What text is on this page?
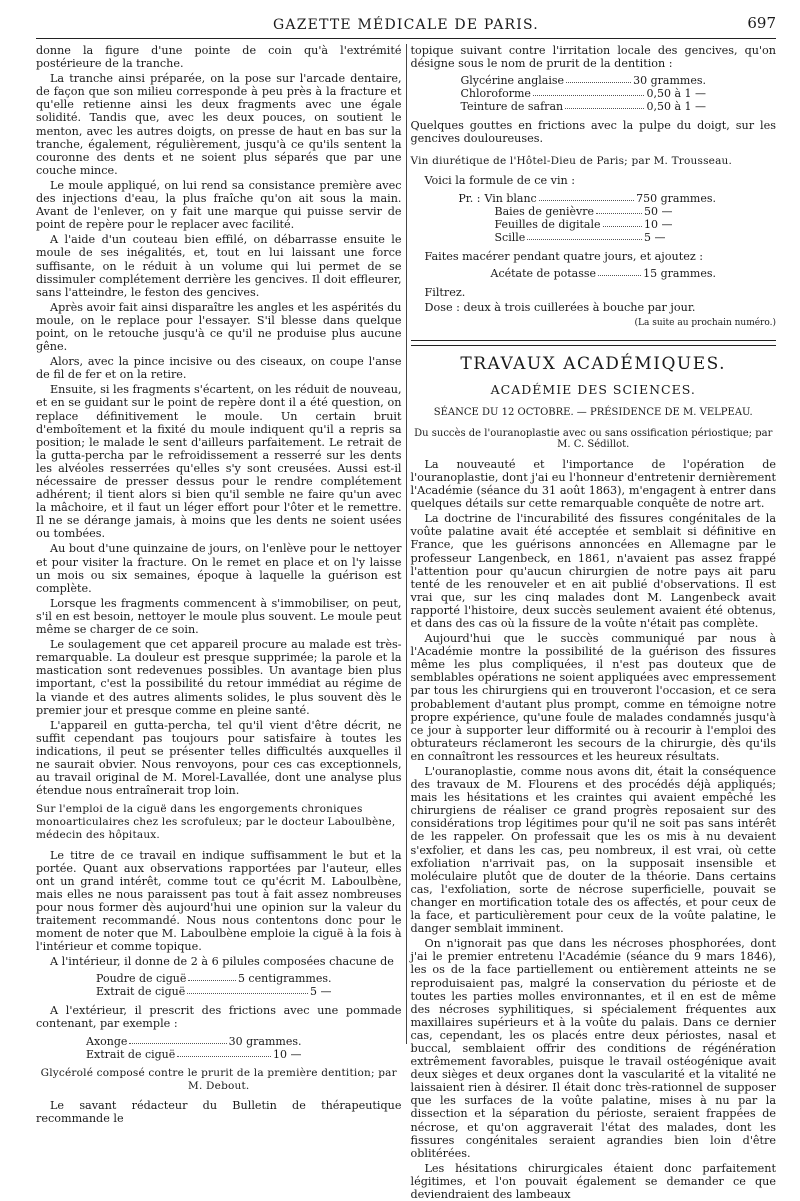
GAZETTE MÉDICALE DE PARIS.	697

donne la figure d'une pointe de coin qu'à l'extrémité postérieure de la tranche.

La tranche ainsi préparée, on la pose sur l'arcade dentaire, de façon que son milieu corresponde à peu près à la fracture et qu'elle retienne ainsi les deux fragments avec une égale solidité. Tandis que, avec les deux pouces, on soutient le menton, avec les autres doigts, on presse de haut en bas sur la tranche, également, régulièrement, jusqu'à ce qu'ils sentent la couronne des dents et ne soient plus séparés que par une couche mince.

Le moule appliqué, on lui rend sa consistance première avec des injections d'eau, la plus fraîche qu'on ait sous la main. Avant de l'enlever, on y fait une marque qui puisse servir de point de repère pour le replacer avec facilité.

A l'aide d'un couteau bien effilé, on débarrasse ensuite le moule de ses inégalités, et, tout en lui laissant une force suffisante, on le réduit à un volume qui lui permet de se dissimuler complétement derrière les gencives. Il doit effleurer, sans l'atteindre, le feston des gencives.

Après avoir fait ainsi disparaître les angles et les aspérités du moule, on le replace pour l'essayer. S'il blesse dans quelque point, on le retouche jusqu'à ce qu'il ne produise plus aucune gêne.

Alors, avec la pince incisive ou des ciseaux, on coupe l'anse de fil de fer et on la retire.

Ensuite, si les fragments s'écartent, on les réduit de nouveau, et en se guidant sur le point de repère dont il a été question, on replace définitivement le moule. Un certain bruit d'emboîtement et la fixité du moule indiquent qu'il a repris sa position; le malade le sent d'ailleurs parfaitement. Le retrait de la gutta-percha par le refroidissement a resserré sur les dents les alvéoles resserrées qu'elles s'y sont creusées. Aussi est-il nécessaire de presser dessus pour le rendre complétement adhérent; il tient alors si bien qu'il semble ne faire qu'un avec la mâchoire, et il faut un léger effort pour l'ôter et le remettre. Il ne se dérange jamais, à moins que les dents ne soient usées ou tombées.

Au bout d'une quinzaine de jours, on l'enlève pour le nettoyer et pour visiter la fracture. On le remet en place et on l'y laisse un mois ou six semaines, époque à laquelle la guérison est complète.

Lorsque les fragments commencent à s'immobiliser, on peut, s'il en est besoin, nettoyer le moule plus souvent. Le moule peut même se charger de ce soin.

Le soulagement que cet appareil procure au malade est très-remarquable. La douleur est presque supprimée; la parole et la mastication sont redevenues possibles. Un avantage bien plus important, c'est la possibilité du retour immédiat au régime de la viande et des autres aliments solides, le plus souvent dès le premier jour et presque comme en pleine santé.

L'appareil en gutta-percha, tel qu'il vient d'être décrit, ne suffit cependant pas toujours pour satisfaire à toutes les indications, il peut se présenter telles difficultés auxquelles il ne saurait obvier. Nous renvoyons, pour ces cas exceptionnels, au travail original de M. Morel-Lavallée, dont une analyse plus étendue nous entraînerait trop loin.

Sur l'emploi de la ciguë dans les engorgements chroniques monoarticulaires chez les scrofuleux; par le docteur Laboulbène, médecin des hôpitaux.

Le titre de ce travail en indique suffisamment le but et la portée. Quant aux observations rapportées par l'auteur, elles ont un grand intérêt, comme tout ce qu'écrit M. Laboulbène, mais elles ne nous paraissent pas tout à fait assez nombreuses pour nous former dès aujourd'hui une opinion sur la valeur du traitement recommandé. Nous nous contentons donc pour le moment de noter que M. Laboulbène emploie la ciguë à la fois à l'intérieur et comme topique.

A l'intérieur, il donne de 2 à 6 pilules composées chacune de

Poudre de ciguë	5 centigrammes.
Extrait de ciguë	5 —

A l'extérieur, il prescrit des frictions avec une pommade contenant, par exemple :

Axonge	30 grammes.
Extrait de ciguë	10 —

Glycérolé composé contre le prurit de la première dentition; par M. Debout.

Le savant rédacteur du Bulletin de thérapeutique recommande le

topique suivant contre l'irritation locale des gencives, qu'on désigne sous le nom de prurit de la dentition :

Glycérine anglaise	30 grammes.
Chloroforme	0,50 à 1 —
Teinture de safran	0,50 à 1 —

Quelques gouttes en frictions avec la pulpe du doigt, sur les gencives douloureuses.

Vin diurétique de l'Hôtel-Dieu de Paris; par M. Trousseau.

Voici la formule de ce vin :

Pr. : Vin blanc	750 grammes.
Baies de genièvre	50 —
Feuilles de digitale	10 —
Scille	5 —

Faites macérer pendant quatre jours, et ajoutez :

Acétate de potasse	15 grammes.

Filtrez.

Dose : deux à trois cuillerées à bouche par jour.

(La suite au prochain numéro.)
TRAVAUX ACADÉMIQUES.
ACADÉMIE DES SCIENCES.
SÉANCE DU 12 OCTOBRE. — PRÉSIDENCE DE M. VELPEAU.
Du succès de l'ouranoplastie avec ou sans ossification périostique; par M. C. Sédillot.

La nouveauté et l'importance de l'opération de l'ouranoplastie, dont j'ai eu l'honneur d'entretenir dernièrement l'Académie (séance du 31 août 1863), m'engagent à entrer dans quelques détails sur cette remarquable conquête de notre art.

La doctrine de l'incurabilité des fissures congénitales de la voûte palatine avait été acceptée et semblait si définitive en France, que les guérisons annoncées en Allemagne par le professeur Langenbeck, en 1861, n'avaient pas assez frappé l'attention pour qu'aucun chirurgien de notre pays ait paru tenté de les renouveler et en ait publié d'observations. Il est vrai que, sur les cinq malades dont M. Langenbeck avait rapporté l'histoire, deux succès seulement avaient été obtenus, et dans des cas où la fissure de la voûte n'était pas complète.

Aujourd'hui que le succès communiqué par nous à l'Académie montre la possibilité de la guérison des fissures même les plus compliquées, il n'est pas douteux que de semblables opérations ne soient appliquées avec empressement par tous les chirurgiens qui en trouveront l'occasion, et ce sera probablement d'autant plus prompt, comme en témoigne notre propre expérience, qu'une foule de malades condamnés jusqu'à ce jour à supporter leur difformité ou à recourir à l'emploi des obturateurs réclameront les secours de la chirurgie, dès qu'ils en connaîtront les ressources et les heureux résultats.

L'ouranoplastie, comme nous avons dit, était la conséquence des travaux de M. Flourens et des procédés déjà appliqués; mais les hésitations et les craintes qui avaient empêché les chirurgiens de réaliser ce grand progrès reposaient sur des considérations trop légitimes pour qu'il ne soit pas sans intérêt de les rappeler. On professait que les os mis à nu devaient s'exfolier, et dans les cas, peu nombreux, il est vrai, où cette exfoliation n'arrivait pas, on la supposait insensible et moléculaire plutôt que de douter de la théorie. Dans certains cas, l'exfoliation, sorte de nécrose superficielle, pouvait se changer en mortification totale des os affectés, et pour ceux de la face, et particulièrement pour ceux de la voûte palatine, le danger semblait imminent.

On n'ignorait pas que dans les nécroses phosphorées, dont j'ai le premier entretenu l'Académie (séance du 9 mars 1846), les os de la face partiellement ou entièrement atteints ne se reproduisaient pas, malgré la conservation du périoste et de toutes les parties molles environnantes, et il en est de même des nécroses syphilitiques, si spécialement fréquentes aux maxillaires supérieurs et à la voûte du palais. Dans ce dernier cas, cependant, les os placés entre deux périostes, nasal et buccal, semblaient offrir des conditions de régénération extrêmement favorables, puisque le travail ostéogénique avait deux sièges et deux organes dont la vascularité et la vitalité ne laissaient rien à désirer. Il était donc très-rationnel de supposer que les surfaces de la voûte palatine, mises à nu par la dissection et la séparation du périoste, seraient frappées de nécrose, et qu'on aggraverait l'état des malades, dont les fissures congénitales seraient agrandies bien loin d'être oblitérées.

Les hésitations chirurgicales étaient donc parfaitement légitimes, et l'on pouvait également se demander ce que deviendraient des lambeaux
